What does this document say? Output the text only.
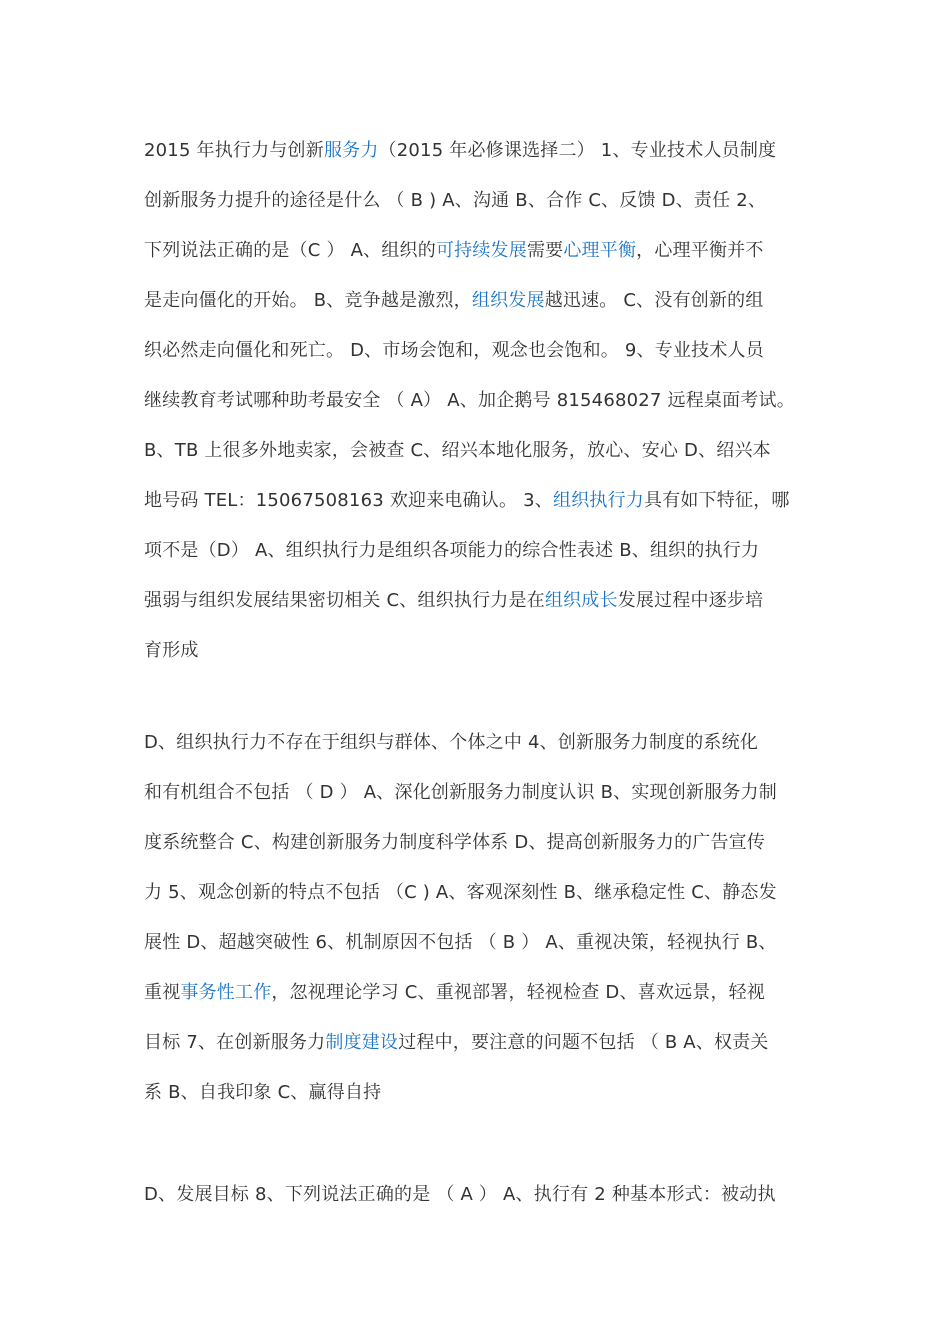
2015 年执行力与创新服务力（2015 年必修课选择二） 1、专业技术人员制度
创新服务力提升的途径是什么 （ B ) A、沟通 B、合作 C、反馈 D、责任 2、
下列说法正确的是（C ） A、组织的可持续发展需要心理平衡，心理平衡并不
是走向僵化的开始。 B、竞争越是激烈，组织发展越迅速。 C、没有创新的组
织必然走向僵化和死亡。 D、市场会饱和，观念也会饱和。 9、专业技术人员
继续教育考试哪种助考最安全 （ A） A、加企鹅号 815468027 远程桌面考试。
B、TB 上很多外地卖家，会被查 C、绍兴本地化服务，放心、安心 D、绍兴本
地号码 TEL：15067508163 欢迎来电确认。 3、组织执行力具有如下特征，哪
项不是（D） A、组织执行力是组织各项能力的综合性表述 B、组织的执行力
强弱与组织发展结果密切相关 C、组织执行力是在组织成长发展过程中逐步培
育形成
D、组织执行力不存在于组织与群体、个体之中 4、创新服务力制度的系统化
和有机组合不包括 （ D ） A、深化创新服务力制度认识 B、实现创新服务力制
度系统整合 C、构建创新服务力制度科学体系 D、提高创新服务力的广告宣传
力 5、观念创新的特点不包括 （C ) A、客观深刻性 B、继承稳定性 C、静态发
展性 D、超越突破性 6、机制原因不包括 （ B ） A、重视决策，轻视执行 B、
重视事务性工作，忽视理论学习 C、重视部署，轻视检查 D、喜欢远景，轻视
目标 7、在创新服务力制度建设过程中，要注意的问题不包括 （ B A、权责关
系 B、自我印象 C、赢得自持
D、发展目标 8、下列说法正确的是 （ A ） A、执行有 2 种基本形式：被动执
